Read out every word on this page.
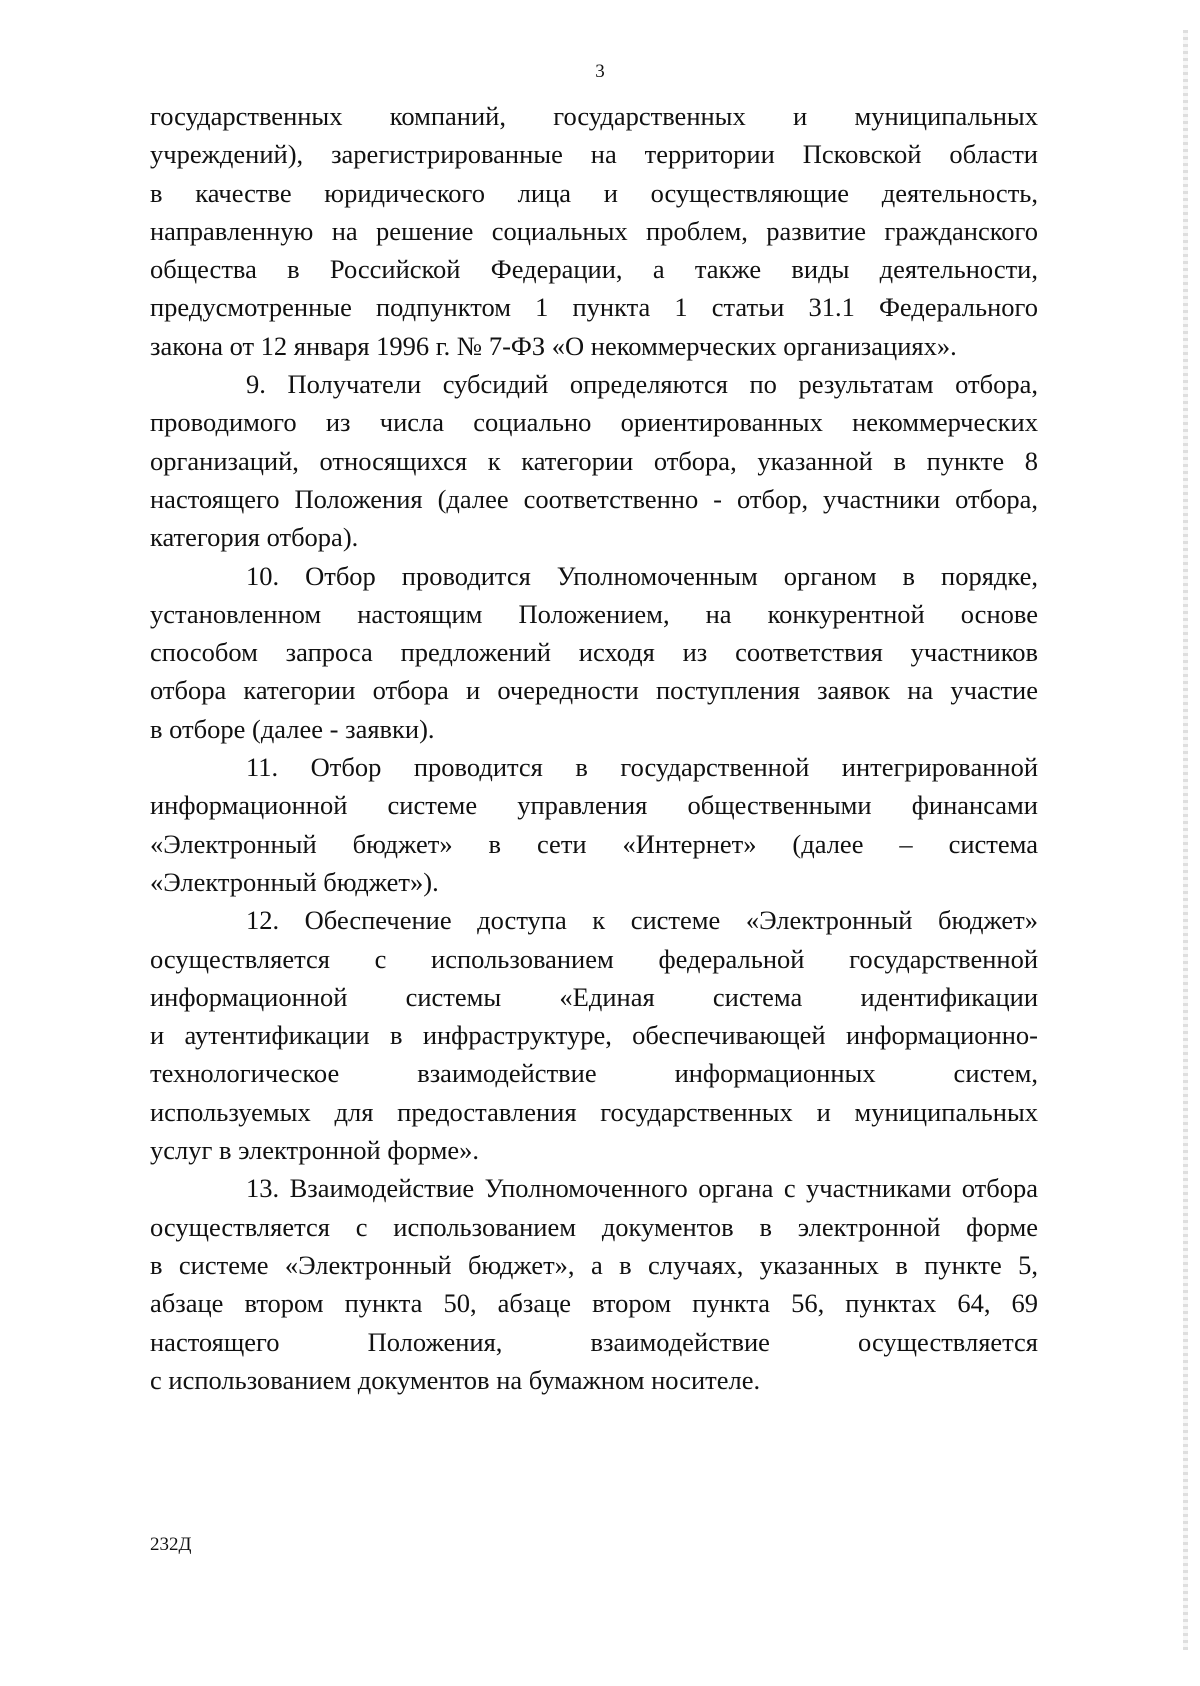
3

государственных компаний, государственных и муниципальных
учреждений), зарегистрированные на территории Псковской области
в качестве юридического лица и осуществляющие деятельность,
направленную на решение социальных проблем, развитие гражданского
общества в Российской Федерации, а также виды деятельности,
предусмотренные подпунктом 1 пункта 1 статьи 31.1 Федерального
закона от 12 января 1996 г. № 7-ФЗ «О некоммерческих организациях».

9. Получатели субсидий определяются по результатам отбора,
проводимого из числа социально ориентированных некоммерческих
организаций, относящихся к категории отбора, указанной в пункте 8
настоящего Положения (далее соответственно - отбор, участники отбора,
категория отбора).

10. Отбор проводится Уполномоченным органом в порядке,
установленном настоящим Положением, на конкурентной основе
способом запроса предложений исходя из соответствия участников
отбора категории отбора и очередности поступления заявок на участие
в отборе (далее - заявки).

11. Отбор проводится в государственной интегрированной
информационной системе управления общественными финансами
«Электронный бюджет» в сети «Интернет» (далее – система
«Электронный бюджет»).

12. Обеспечение доступа к системе «Электронный бюджет»
осуществляется с использованием федеральной государственной
информационной системы «Единая система идентификации
и аутентификации в инфраструктуре, обеспечивающей информационно-
технологическое взаимодействие информационных систем,
используемых для предоставления государственных и муниципальных
услуг в электронной форме».

13. Взаимодействие Уполномоченного органа с участниками отбора
осуществляется с использованием документов в электронной форме
в системе «Электронный бюджет», а в случаях, указанных в пункте 5,
абзаце втором пункта 50, абзаце втором пункта 56, пунктах 64, 69
настоящего Положения, взаимодействие осуществляется
с использованием документов на бумажном носителе.

232Д
